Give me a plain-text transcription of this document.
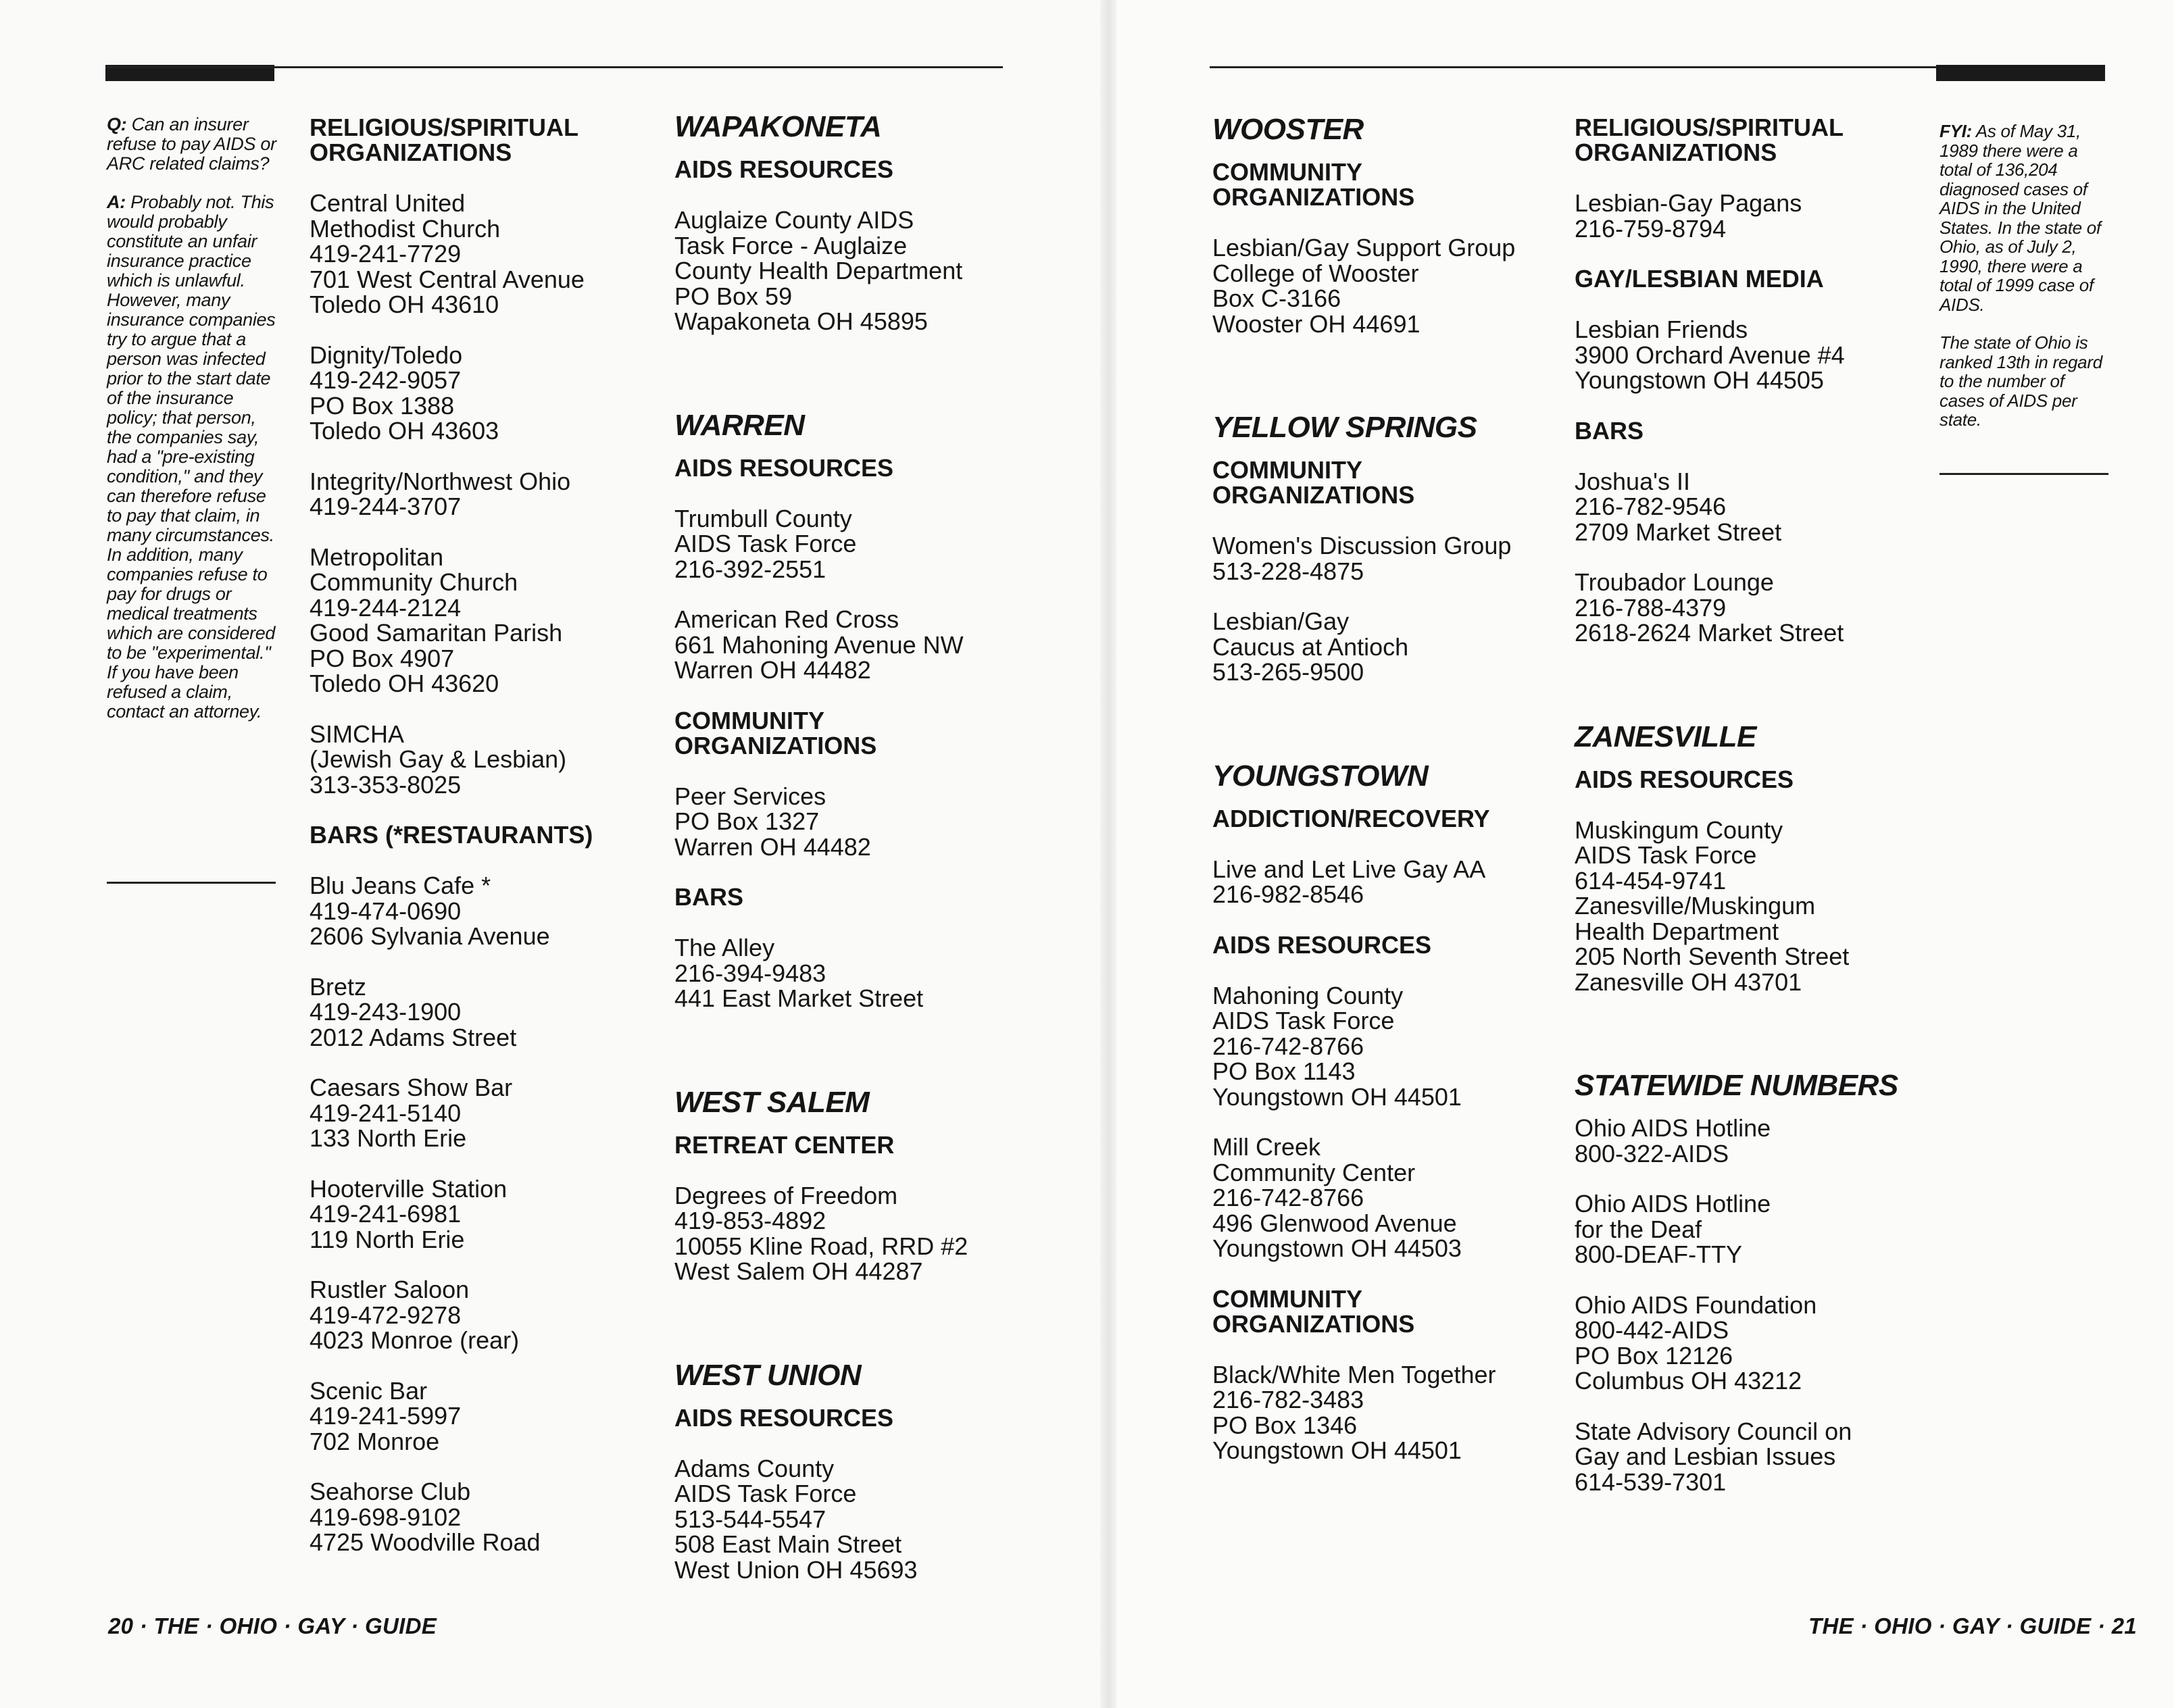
Q: Can an insurer refuse to pay AIDS or ARC related claims?

A: Probably not. This would probably constitute an unfair insurance practice which is unlawful. However, many insurance companies try to argue that a person was infected prior to the start date of the insurance policy; that person, the companies say, had a "pre-existing condition," and they can therefore refuse to pay that claim, in many circumstances. In addition, many companies refuse to pay for drugs or medical treatments which are considered to be "experimental." If you have been refused a claim, contact an attorney.

RELIGIOUS/SPIRITUAL ORGANIZATIONS
Central United
Methodist Church
419-241-7729
701 West Central Avenue
Toledo OH 43610
Dignity/Toledo
419-242-9057
PO Box 1388
Toledo OH 43603
Integrity/Northwest Ohio
419-244-3707
Metropolitan
Community Church
419-244-2124
Good Samaritan Parish
PO Box 4907
Toledo OH 43620
SIMCHA
(Jewish Gay & Lesbian)
313-353-8025
BARS (*RESTAURANTS)
Blu Jeans Cafe *
419-474-0690
2606 Sylvania Avenue
Bretz
419-243-1900
2012 Adams Street
Caesars Show Bar
419-241-5140
133 North Erie
Hooterville Station
419-241-6981
119 North Erie
Rustler Saloon
419-472-9278
4023 Monroe (rear)
Scenic Bar
419-241-5997
702 Monroe
Seahorse Club
419-698-9102
4725 Woodville Road
WAPAKONETA
AIDS RESOURCES
Auglaize County AIDS
Task Force - Auglaize
County Health Department
PO Box 59
Wapakoneta OH 45895
WARREN
AIDS RESOURCES
Trumbull County
AIDS Task Force
216-392-2551
American Red Cross
661 Mahoning Avenue NW
Warren OH 44482
COMMUNITY ORGANIZATIONS
Peer Services
PO Box 1327
Warren OH 44482
BARS
The Alley
216-394-9483
441 East Market Street
WEST SALEM
RETREAT CENTER
Degrees of Freedom
419-853-4892
10055 Kline Road, RRD #2
West Salem OH 44287
WEST UNION
AIDS RESOURCES
Adams County
AIDS Task Force
513-544-5547
508 East Main Street
West Union OH 45693
20 · THE · OHIO · GAY · GUIDE
WOOSTER
COMMUNITY ORGANIZATIONS
Lesbian/Gay Support Group
College of Wooster
Box C-3166
Wooster OH 44691
YELLOW SPRINGS
COMMUNITY ORGANIZATIONS
Women's Discussion Group
513-228-4875
Lesbian/Gay
Caucus at Antioch
513-265-9500
YOUNGSTOWN
ADDICTION/RECOVERY
Live and Let Live Gay AA
216-982-8546
AIDS RESOURCES
Mahoning County
AIDS Task Force
216-742-8766
PO Box 1143
Youngstown OH 44501
Mill Creek
Community Center
216-742-8766
496 Glenwood Avenue
Youngstown OH 44503
COMMUNITY ORGANIZATIONS
Black/White Men Together
216-782-3483
PO Box 1346
Youngstown OH 44501
RELIGIOUS/SPIRITUAL ORGANIZATIONS
Lesbian-Gay Pagans
216-759-8794
GAY/LESBIAN MEDIA
Lesbian Friends
3900 Orchard Avenue #4
Youngstown OH 44505
BARS
Joshua's II
216-782-9546
2709 Market Street
Troubador Lounge
216-788-4379
2618-2624 Market Street
ZANESVILLE
AIDS RESOURCES
Muskingum County
AIDS Task Force
614-454-9741
Zanesville/Muskingum
Health Department
205 North Seventh Street
Zanesville OH 43701
STATEWIDE NUMBERS
Ohio AIDS Hotline
800-322-AIDS
Ohio AIDS Hotline
for the Deaf
800-DEAF-TTY
Ohio AIDS Foundation
800-442-AIDS
PO Box 12126
Columbus OH 43212
State Advisory Council on
Gay and Lesbian Issues
614-539-7301

FYI: As of May 31, 1989 there were a total of 136,204 diagnosed cases of AIDS in the United States. In the state of Ohio, as of July 2, 1990, there were a total of 1999 case of AIDS.

The state of Ohio is ranked 13th in regard to the number of cases of AIDS per state.

THE · OHIO · GAY · GUIDE · 21
